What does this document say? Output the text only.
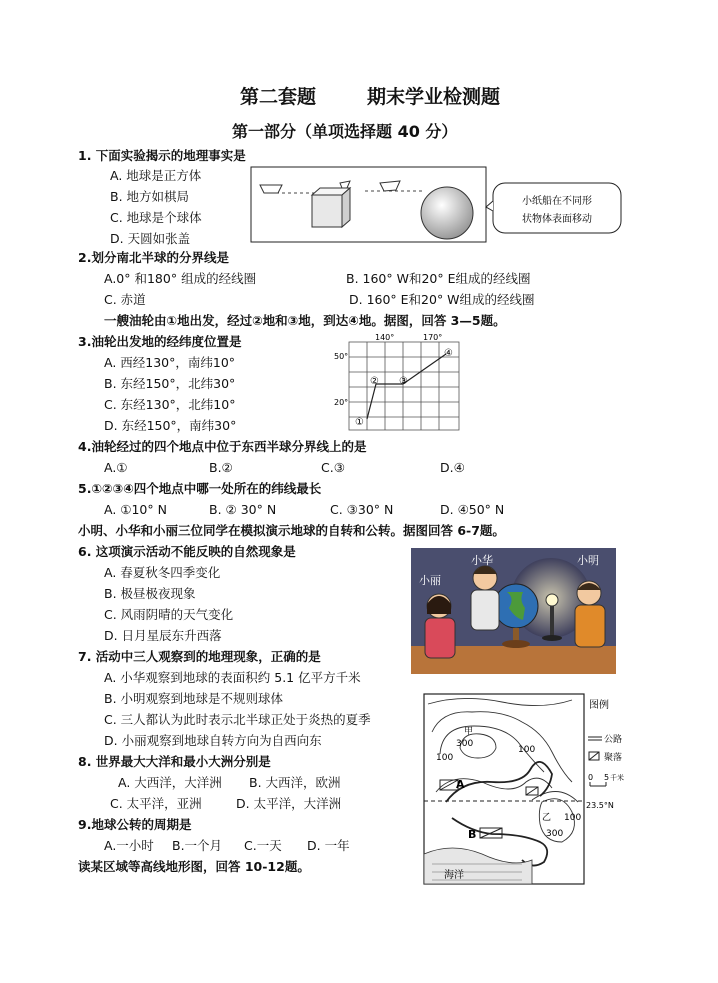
第二套题	期末学业检测题
第一部分（单项选择题 40 分）
1. 下面实验揭示的地理事实是
A. 地球是正方体
B. 地方如棋局
C. 地球是个球体
D. 天圆如张盖
小纸船在不同形
状物体表面移动
2.划分南北半球的分界线是
A.0° 和180° 组成的经线圈	B. 160° W和20° E组成的经线圈
C. 赤道	D. 160° E和20° W组成的经线圈
一艘油轮由①地出发，经过②地和③地，到达④地。据图，回答 3—5题。
3.油轮出发地的经纬度位置是
A. 西经130°，南纬10°
B. 东经150°，北纬30°
C. 东经130°，北纬10°
D. 东经150°，南纬30°
140°	170°
50°
20°
①
② ③
④
4.油轮经过的四个地点中位于东西半球分界线上的是
A.①	B.②	C.③	D.④
5.①②③④四个地点中哪一处所在的纬线最长
A. ①10° N	B. ② 30° N	C. ③30° N	D. ④50° N
小明、小华和小丽三位同学在模拟演示地球的自转和公转。据图回答 6-7题。
6. 这项演示活动不能反映的自然现象是
A. 春夏秋冬四季变化
B. 极昼极夜现象
C. 风雨阴晴的天气变化
D. 日月星辰东升西落
小华
小丽
小明
7. 活动中三人观察到的地理现象，正确的是
A. 小华观察到地球的表面积约 5.1 亿平方千米
B. 小明观察到地球是不规则球体
C. 三人都认为此时表示北半球正处于炎热的夏季
D. 小丽观察到地球自转方向为自西向东
8. 世界最大大洋和最小大洲分别是
A. 大西洋，大洋洲 B. 大西洋，欧洲
C. 太平洋，亚洲	D. 太平洋，大洋洲
9.地球公转的周期是
A.一小时 B.一个月 C.一天 D. 一年
读某区域等高线地形图，回答 10-12题。
甲
乙
300
100
100
300
100
A
B
海洋
图例
公路
聚落
0 5 千米
23.5°N
